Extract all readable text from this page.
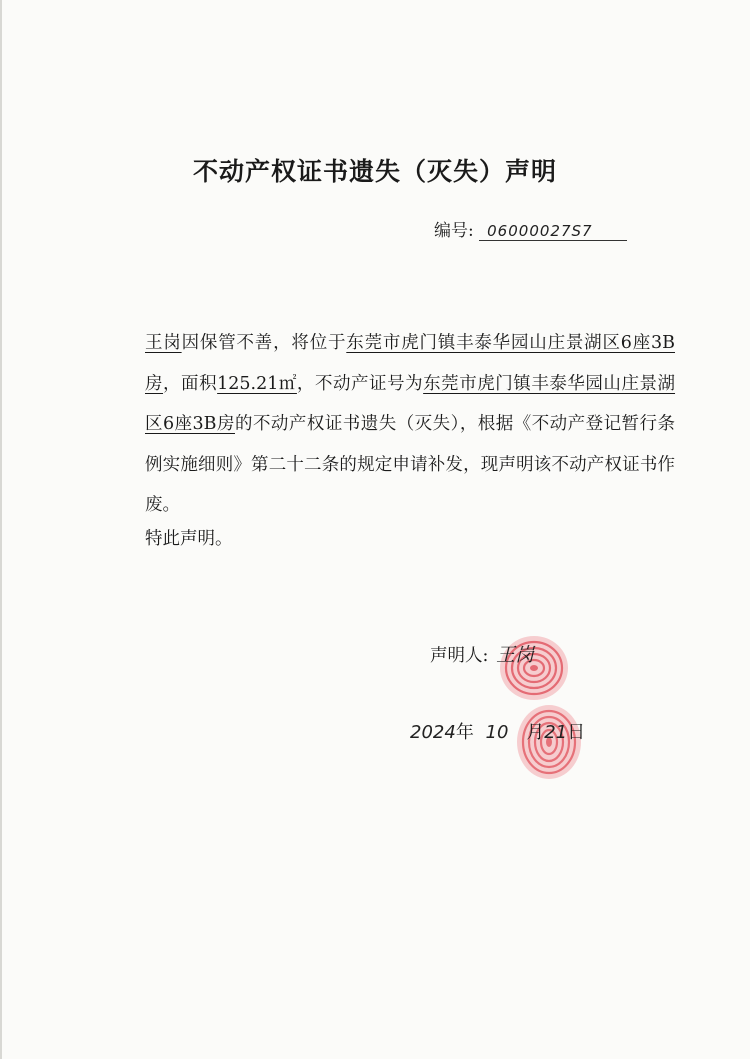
不动产权证书遗失（灭失）声明
编号: 06000027S7
王岗因保管不善，将位于东莞市虎门镇丰泰华园山庄景湖区6座3B房，面积125.21㎡，不动产证号为东莞市虎门镇丰泰华园山庄景湖区6座3B房的不动产权证书遗失（灭失），根据《不动产登记暂行条例实施细则》第二十二条的规定申请补发，现声明该不动产权证书作废。
特此声明。
声明人: 王岗
2024年 10 月21日
